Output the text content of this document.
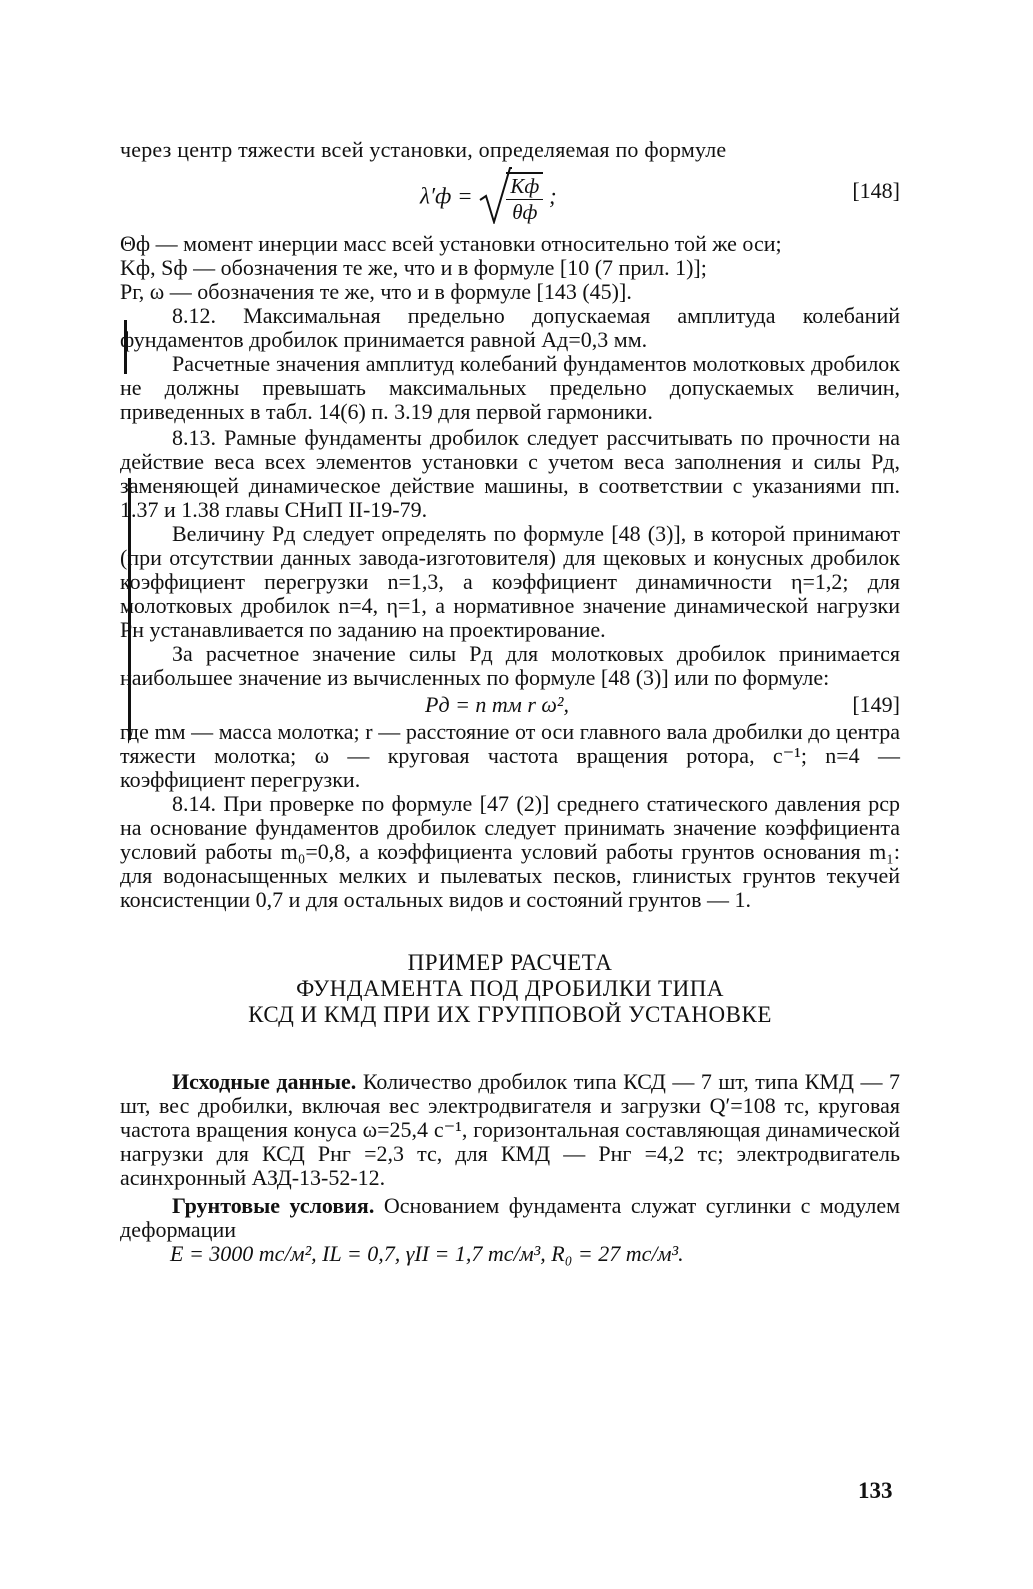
через центр тяжести всей установки, определяемая по формуле

$\lambda'ф = \frac{Kф}{\theta ф}$ ;	[148]

Θф — момент инерции масс всей установки относительно той же оси;

Kф, Sф — обозначения те же, что и в формуле [10 (7 прил. 1)];

Pг, ω — обозначения те же, что и в формуле [143 (45)].

8.12. Максимальная предельно допускаемая амплитуда колебаний фундаментов дробилок принимается равной Aд=0,3 мм.

Расчетные значения амплитуд колебаний фундаментов молотковых дробилок не должны превышать максимальных предельно допускаемых величин, приведенных в табл. 14(6) п. 3.19 для первой гармоники.

8.13. Рамные фундаменты дробилок следует рассчитывать по прочности на действие веса всех элементов установки с учетом веса заполнения и силы Pд, заменяющей динамическое действие машины, в соответствии с указаниями пп. 1.37 и 1.38 главы СНиП II-19-79.

Величину Pд следует определять по формуле [48 (3)], в которой принимают (при отсутствии данных завода-изготовителя) для щековых и конусных дробилок коэффициент перегрузки n=1,3, а коэффициент динамичности η=1,2; для молотковых дробилок n=4, η=1, а нормативное значение динамической нагрузки Pн устанавливается по заданию на проектирование.

За расчетное значение силы Pд для молотковых дробилок принимается наибольшее значение из вычисленных по формуле [48 (3)] или по формуле:

Pд = n mм r ω²,	[149]

где mм — масса молотка; r — расстояние от оси главного вала дробилки до центра тяжести молотка; ω — круговая частота вращения ротора, с⁻¹; n=4 — коэффициент перегрузки.

8.14. При проверке по формуле [47 (2)] среднего статического давления pср на основание фундаментов дробилок следует принимать значение коэффициента условий работы m₀=0,8, а коэффициента условий работы грунтов основания m₁: для водонасыщенных мелких и пылеватых песков, глинистых грунтов текучей консистенции 0,7 и для остальных видов и состояний грунтов — 1.

ПРИМЕР РАСЧЕТА

ФУНДАМЕНТА ПОД ДРОБИЛКИ ТИПА

КСД И КМД ПРИ ИХ ГРУППОВОЙ УСТАНОВКЕ

Исходные данные. Количество дробилок типа КСД — 7 шт, типа КМД — 7 шт, вес дробилки, включая вес электродвигателя и загрузки Q′=108 тс, круговая частота вращения конуса ω=25,4 с⁻¹, горизонтальная составляющая динамической нагрузки для КСД Pнг =2,3 тс, для КМД — Pнг =4,2 тс; электродвигатель асинхронный АЗД-13-52-12.

Грунтовые условия. Основанием фундамента служат суглинки с модулем деформации

E = 3000 тс/м², IL = 0,7, γII = 1,7 тс/м³, R₀ = 27 тс/м³.

133
